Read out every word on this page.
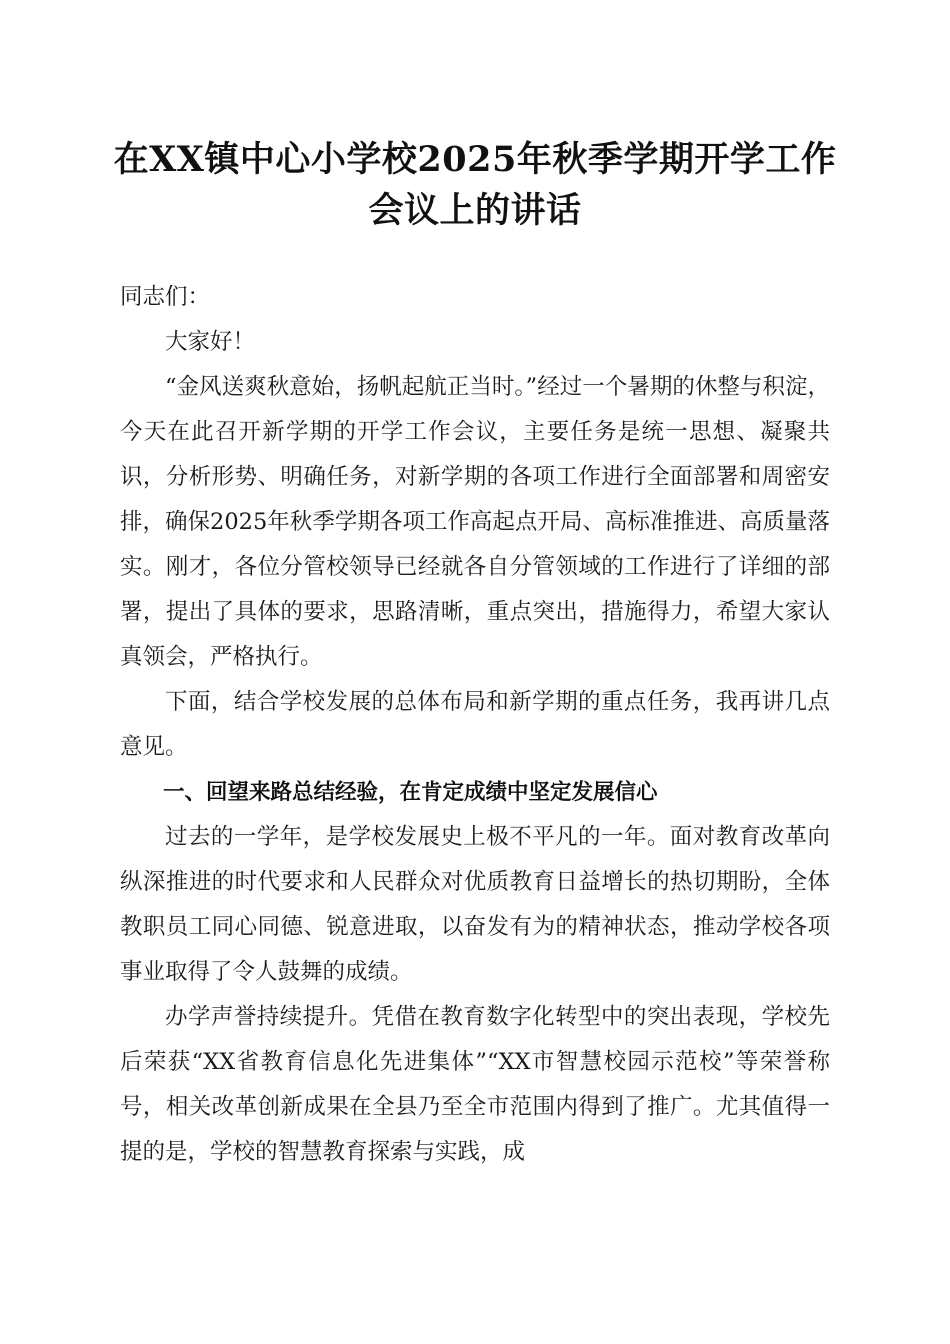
在XX镇中心小学校2025年秋季学期开学工作会议上的讲话

同志们：

大家好！

“金风送爽秋意始，扬帆起航正当时。”经过一个暑期的休整与积淀，今天在此召开新学期的开学工作会议，主要任务是统一思想、凝聚共识，分析形势、明确任务，对新学期的各项工作进行全面部署和周密安排，确保2025年秋季学期各项工作高起点开局、高标准推进、高质量落实。刚才，各位分管校领导已经就各自分管领域的工作进行了详细的部署，提出了具体的要求，思路清晰，重点突出，措施得力，希望大家认真领会，严格执行。

下面，结合学校发展的总体布局和新学期的重点任务，我再讲几点意见。

一、回望来路总结经验，在肯定成绩中坚定发展信心

过去的一学年，是学校发展史上极不平凡的一年。面对教育改革向纵深推进的时代要求和人民群众对优质教育日益增长的热切期盼，全体教职员工同心同德、锐意进取，以奋发有为的精神状态，推动学校各项事业取得了令人鼓舞的成绩。

办学声誉持续提升。凭借在教育数字化转型中的突出表现，学校先后荣获“XX省教育信息化先进集体”“XX市智慧校园示范校”等荣誉称号，相关改革创新成果在全县乃至全市范围内得到了推广。尤其值得一提的是，学校的智慧教育探索与实践，成
